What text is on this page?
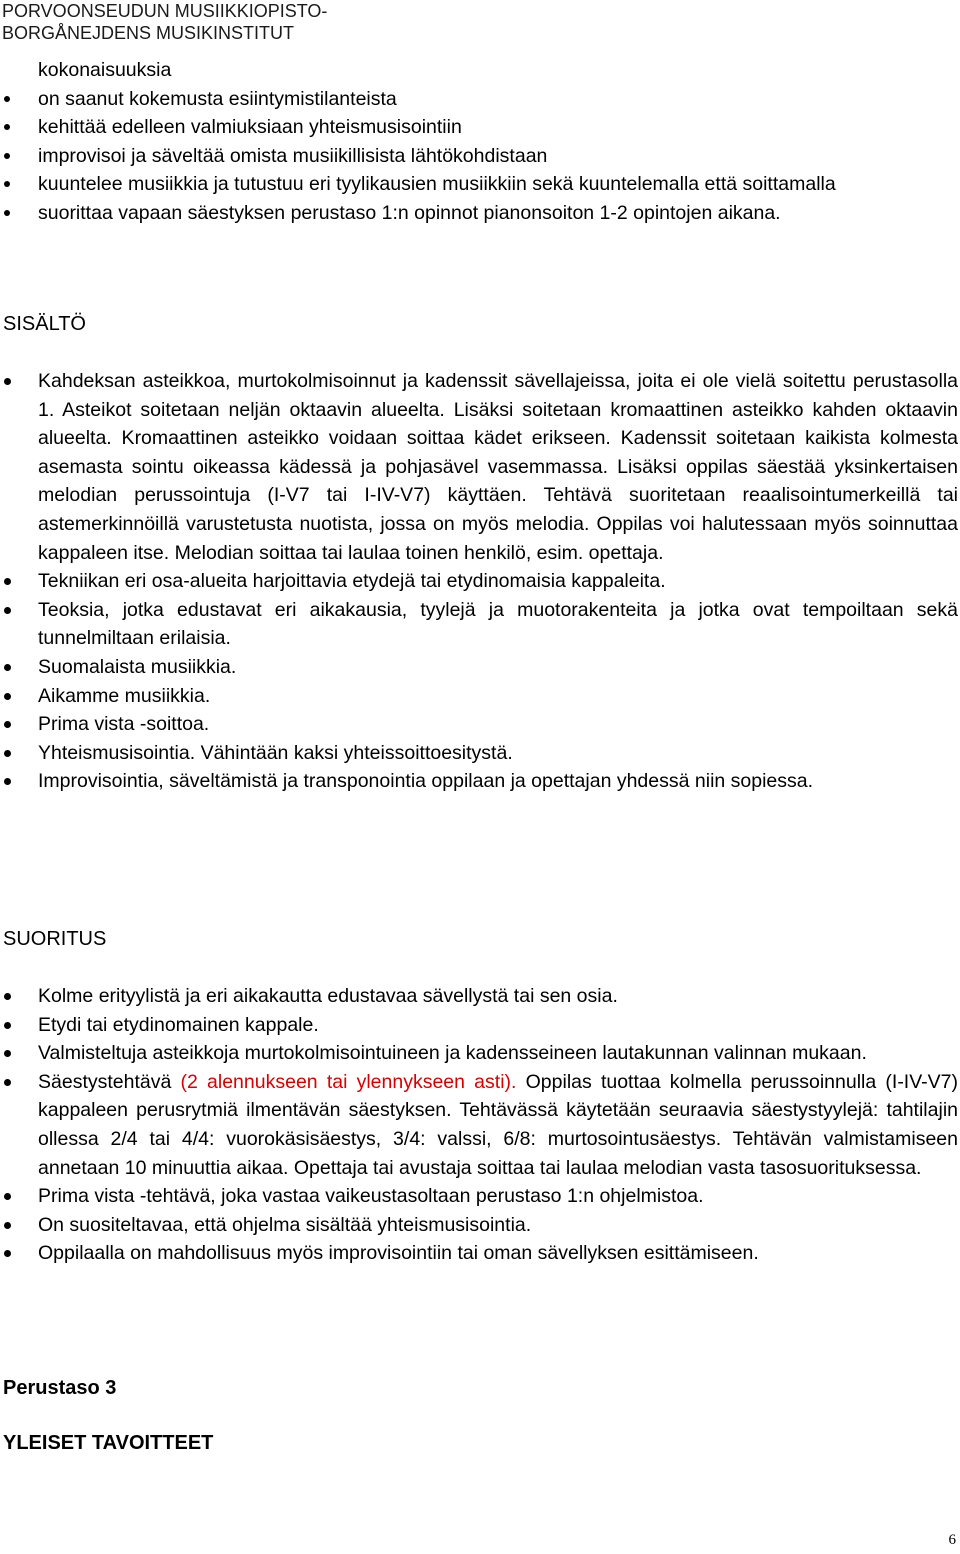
PORVOONSEUDUN MUSIIKKIOPISTO-
BORGÅNEJDENS MUSIKINSTITUT
kokonaisuuksia
on saanut kokemusta esiintymistilanteista
kehittää edelleen valmiuksiaan yhteismusisointiin
improvisoi ja säveltää omista musiikillisista lähtökohdistaan
kuuntelee musiikkia ja tutustuu eri tyylikausien musiikkiin sekä kuuntelemalla että soittamalla
suorittaa vapaan säestyksen perustaso 1:n opinnot pianonsoiton 1-2 opintojen aikana.
SISÄLTÖ
Kahdeksan asteikkoa, murtokolmisoinnut ja kadenssit sävellajeissa, joita ei ole vielä soitettu perustasolla 1. Asteikot soitetaan neljän oktaavin alueelta. Lisäksi soitetaan kromaattinen asteikko kahden oktaavin alueelta. Kromaattinen asteikko voidaan soittaa kädet erikseen. Kadenssit soitetaan kaikista kolmesta asemasta sointu oikeassa kädessä ja pohjasävel vasemmassa. Lisäksi oppilas säestää yksinkertaisen melodian perussointuja (I-V7 tai I-IV-V7) käyttäen. Tehtävä suoritetaan reaalisointumerkeillä tai astemerkinnöillä varustetusta nuotista, jossa on myös melodia. Oppilas voi halutessaan myös soinnuttaa kappaleen itse. Melodian soittaa tai laulaa toinen henkilö, esim. opettaja.
Tekniikan eri osa-alueita harjoittavia etydejä tai etydinomaisia kappaleita.
Teoksia, jotka edustavat eri aikakausia, tyylejä ja muotorakenteita ja jotka ovat tempoiltaan sekä tunnelmiltaan erilaisia.
Suomalaista musiikkia.
Aikamme musiikkia.
Prima vista -soittoa.
Yhteismusisointia. Vähintään kaksi yhteissoittoesitystä.
Improvisointia, säveltämistä ja transponointia oppilaan ja opettajan yhdessä niin sopiessa.
SUORITUS
Kolme erityylistä ja eri aikakautta edustavaa sävellystä tai sen osia.
Etydi tai etydinomainen kappale.
Valmisteltuja asteikkoja murtokolmisointuineen ja kadensseineen lautakunnan valinnan mukaan.
Säestystehtävä (2 alennukseen tai ylennykseen asti). Oppilas tuottaa kolmella perussoinnulla (I-IV-V7) kappaleen perusrytmiä ilmentävän säestyksen. Tehtävässä käytetään seuraavia säestystyylejä: tahtilajin ollessa 2/4 tai 4/4: vuorokäsisäestys, 3/4: valssi, 6/8: murtosointusäestys. Tehtävän valmistamiseen annetaan 10 minuuttia aikaa. Opettaja tai avustaja soittaa tai laulaa melodian vasta tasosuorituksessa.
Prima vista -tehtävä, joka vastaa vaikeustasoltaan perustaso 1:n ohjelmistoa.
On suositeltavaa, että ohjelma sisältää yhteismusisointia.
Oppilaalla on mahdollisuus myös improvisointiin tai oman sävellyksen esittämiseen.
Perustaso 3
YLEISET TAVOITTEET
6
